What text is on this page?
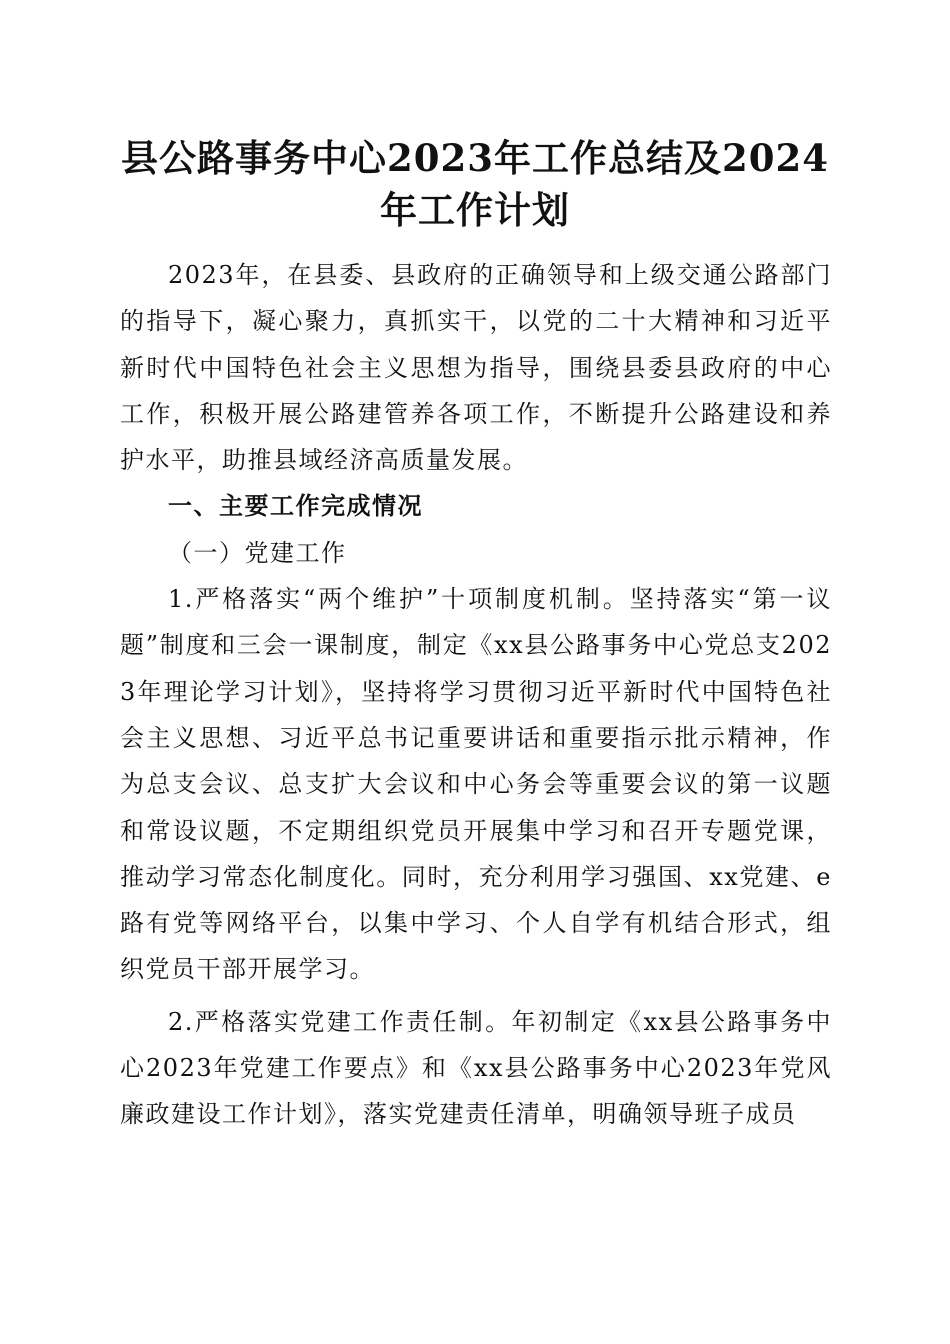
县公路事务中心2023年工作总结及2024年工作计划

2023年，在县委、县政府的正确领导和上级交通公路部门的指导下，凝心聚力，真抓实干，以党的二十大精神和习近平新时代中国特色社会主义思想为指导，围绕县委县政府的中心工作，积极开展公路建管养各项工作，不断提升公路建设和养护水平，助推县域经济高质量发展。

一、主要工作完成情况

（一）党建工作

1.严格落实“两个维护”十项制度机制。坚持落实“第一议题”制度和三会一课制度，制定《xx县公路事务中心党总支2023年理论学习计划》，坚持将学习贯彻习近平新时代中国特色社会主义思想、习近平总书记重要讲话和重要指示批示精神，作为总支会议、总支扩大会议和中心务会等重要会议的第一议题和常设议题，不定期组织党员开展集中学习和召开专题党课，推动学习常态化制度化。同时，充分利用学习强国、xx党建、e路有党等网络平台，以集中学习、个人自学有机结合形式，组织党员干部开展学习。

2.严格落实党建工作责任制。年初制定《xx县公路事务中心2023年党建工作要点》和《xx县公路事务中心2023年党风廉政建设工作计划》，落实党建责任清单，明确领导班子成员
